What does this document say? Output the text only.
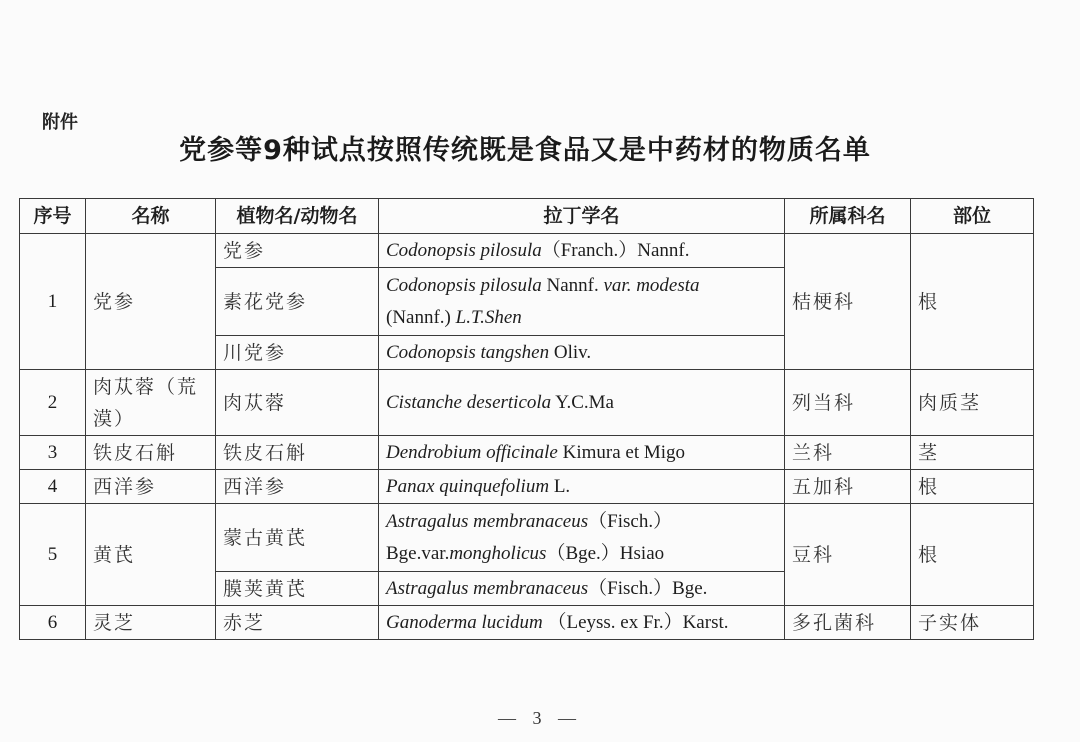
附件
党参等9种试点按照传统既是食品又是中药材的物质名单
序号	名称	植物名/动物名	拉丁学名	所属科名	部位
1	党参	党参	Codonopsis pilosula（Franch.）Nannf.	桔梗科	根
		素花党参	Codonopsis pilosula Nannf. var. modesta
(Nannf.) L.T.Shen		
		川党参	Codonopsis tangshen Oliv.		
2	肉苁蓉（荒漠）	肉苁蓉	Cistanche deserticola Y.C.Ma	列当科	肉质茎
3	铁皮石斛	铁皮石斛	Dendrobium officinale Kimura et Migo	兰科	茎
4	西洋参	西洋参	Panax quinquefolium L.	五加科	根
5	黄芪	蒙古黄芪	Astragalus membranaceus（Fisch.）
Bge.var.mongholicus（Bge.）Hsiao	豆科	根
		膜荚黄芪	Astragalus membranaceus（Fisch.）Bge.		
6	灵芝	赤芝	Ganoderma lucidum （Leyss. ex Fr.）Karst.	多孔菌科	子实体
— 3 —
